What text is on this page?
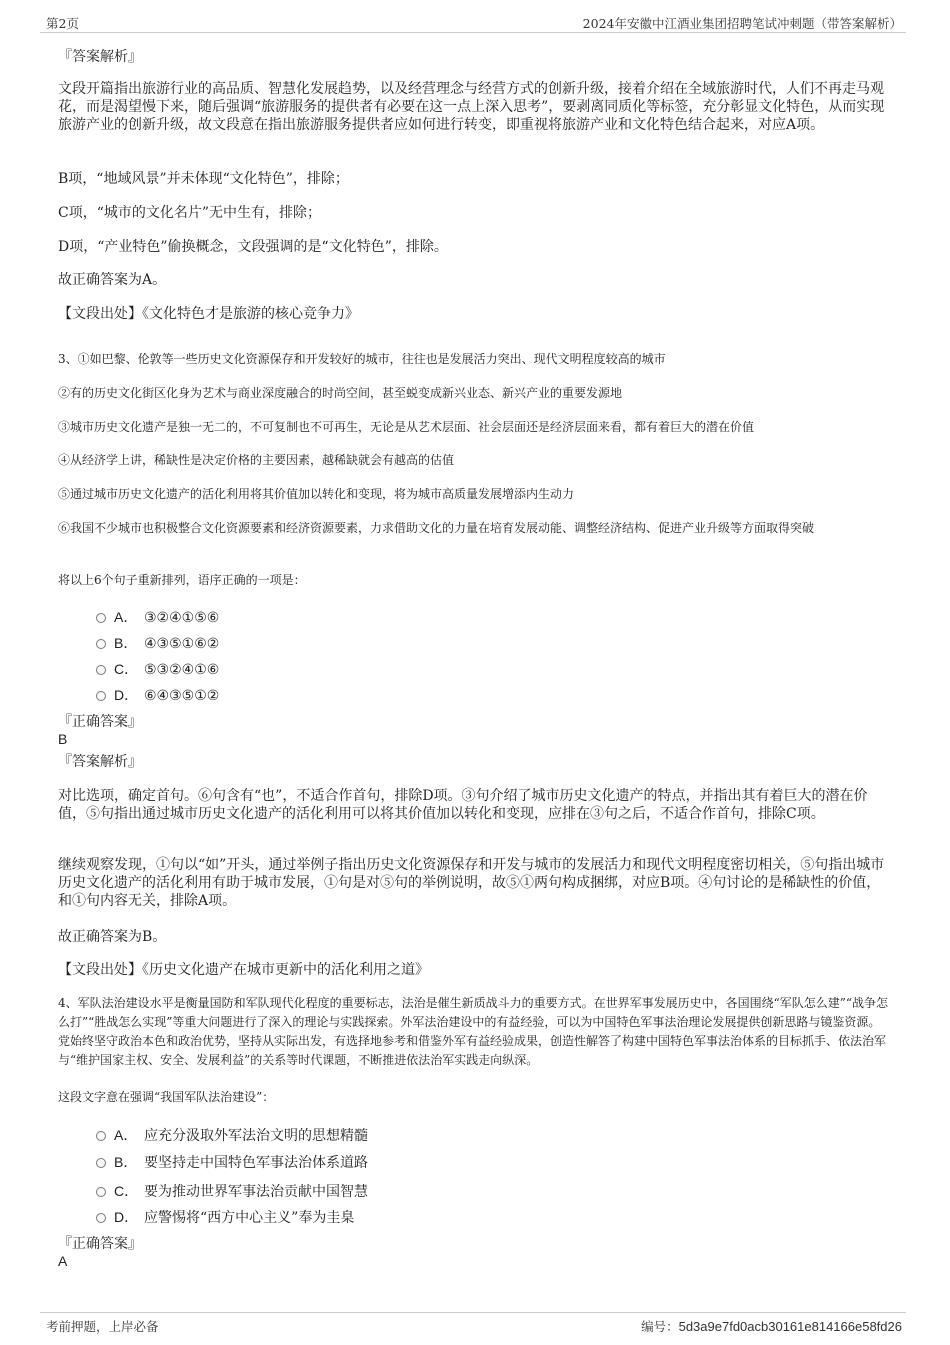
第2页	2024年安徽中江酒业集团招聘笔试冲刺题（带答案解析）
『答案解析』

文段开篇指出旅游行业的高品质、智慧化发展趋势，以及经营理念与经营方式的创新升级，接着介绍在全域旅游时代，人们不再走马观花，而是渴望慢下来，随后强调“旅游服务的提供者有必要在这一点上深入思考”，要剥离同质化等标签，充分彰显文化特色，从而实现旅游产业的创新升级，故文段意在指出旅游服务提供者应如何进行转变，即重视将旅游产业和文化特色结合起来，对应A项。

B项，“地域风景”并未体现“文化特色”，排除；

C项，“城市的文化名片”无中生有，排除；

D项，“产业特色”偷换概念，文段强调的是“文化特色”，排除。

故正确答案为A。

【文段出处】《文化特色才是旅游的核心竞争力》

3、①如巴黎、伦敦等一些历史文化资源保存和开发较好的城市，往往也是发展活力突出、现代文明程度较高的城市

②有的历史文化街区化身为艺术与商业深度融合的时尚空间，甚至蜕变成新兴业态、新兴产业的重要发源地

③城市历史文化遗产是独一无二的，不可复制也不可再生，无论是从艺术层面、社会层面还是经济层面来看，都有着巨大的潜在价值

④从经济学上讲，稀缺性是决定价格的主要因素，越稀缺就会有越高的估值

⑤通过城市历史文化遗产的活化利用将其价值加以转化和变现，将为城市高质量发展增添内生动力

⑥我国不少城市也积极整合文化资源要素和经济资源要素，力求借助文化的力量在培育发展动能、调整经济结构、促进产业升级等方面取得突破

将以上6个句子重新排列，语序正确的一项是：

A． ③②④①⑤⑥
B． ④③⑤①⑥②
C． ⑤③②④①⑥
D． ⑥④③⑤①②
『正确答案』
B
『答案解析』

对比选项，确定首句。⑥句含有“也”，不适合作首句，排除D项。③句介绍了城市历史文化遗产的特点，并指出其有着巨大的潜在价值，⑤句指出通过城市历史文化遗产的活化利用可以将其价值加以转化和变现，应排在③句之后，不适合作首句，排除C项。

继续观察发现，①句以“如”开头，通过举例子指出历史文化资源保存和开发与城市的发展活力和现代文明程度密切相关，⑤句指出城市历史文化遗产的活化利用有助于城市发展，①句是对⑤句的举例说明，故⑤①两句构成捆绑，对应B项。④句讨论的是稀缺性的价值，和①句内容无关，排除A项。

故正确答案为B。

【文段出处】《历史文化遗产在城市更新中的活化利用之道》

4、军队法治建设水平是衡量国防和军队现代化程度的重要标志，法治是催生新质战斗力的重要方式。在世界军事发展历史中，各国围绕“军队怎么建”“战争怎么打”“胜战怎么实现”等重大问题进行了深入的理论与实践探索。外军法治建设中的有益经验，可以为中国特色军事法治理论发展提供创新思路与镜鉴资源。党始终坚守政治本色和政治优势，坚持从实际出发，有选择地参考和借鉴外军有益经验成果，创造性解答了构建中国特色军事法治体系的目标抓手、依法治军与“维护国家主权、安全、发展利益”的关系等时代课题，不断推进依法治军实践走向纵深。

这段文字意在强调“我国军队法治建设”：

A． 应充分汲取外军法治文明的思想精髓
B． 要坚持走中国特色军事法治体系道路
C． 要为推动世界军事法治贡献中国智慧
D． 应警惕将“西方中心主义”奉为圭臬
『正确答案』
A
考前押题，上岸必备	编号：5d3a9e7fd0acb30161e814166e58fd26
